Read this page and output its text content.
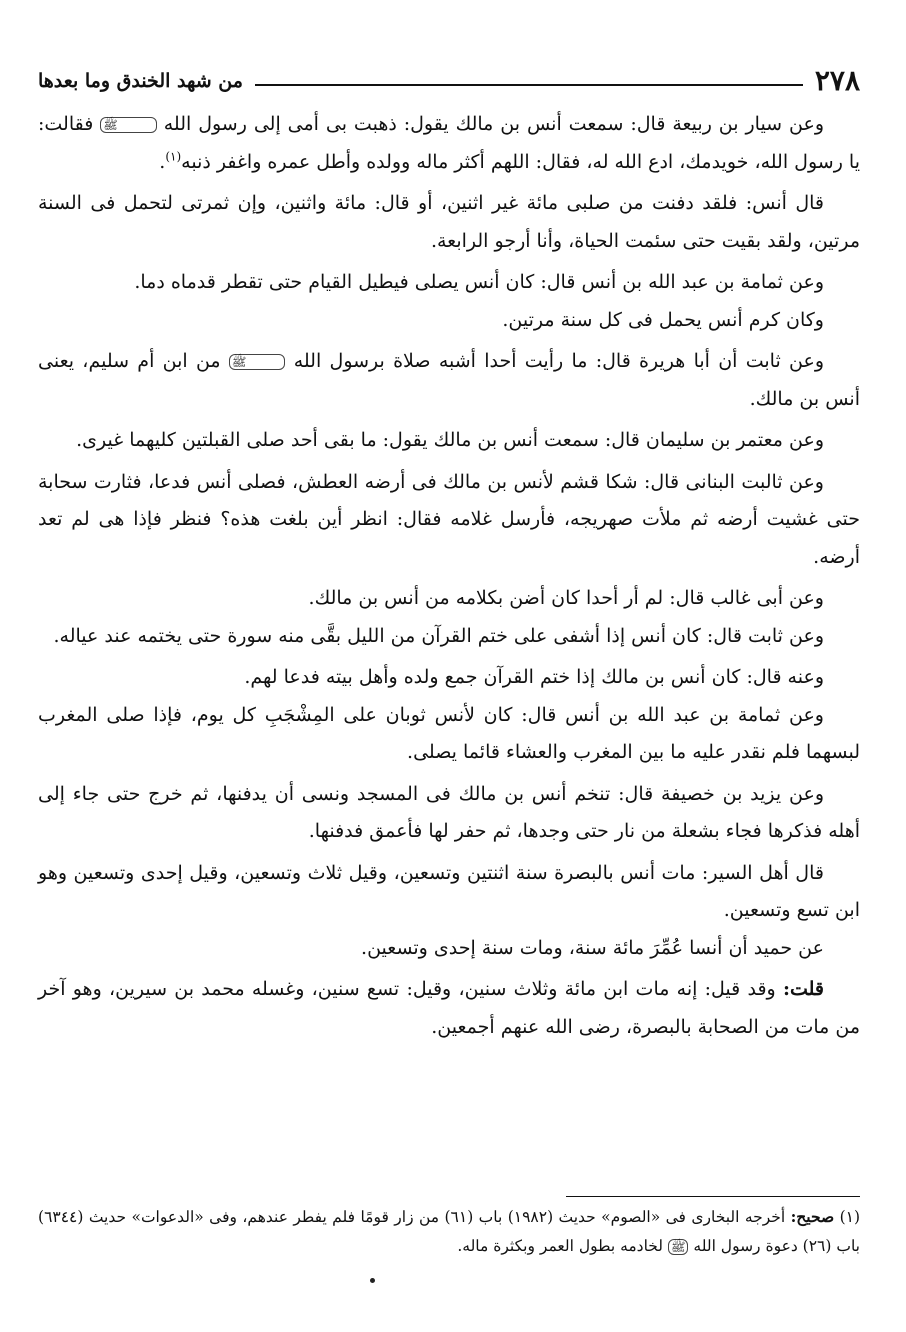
٢٧٨
من شهد الخندق وما بعدها

وعن سيار بن ربيعة قال: سمعت أنس بن مالك يقول: ذهبت بى أمى إلى رسول الله ﷺ فقالت: يا رسول الله، خويدمك، ادع الله له، فقال: اللهم أكثر ماله وولده وأطل عمره واغفر ذنبه$^{(١)}$.

قال أنس: فلقد دفنت من صلبى مائة غير اثنين، أو قال: مائة واثنين، وإن ثمرتى لتحمل فى السنة مرتين، ولقد بقيت حتى سئمت الحياة، وأنا أرجو الرابعة.

وعن ثمامة بن عبد الله بن أنس قال: كان أنس يصلى فيطيل القيام حتى تقطر قدماه دما.

وكان كرم أنس يحمل فى كل سنة مرتين.

وعن ثابت أن أبا هريرة قال: ما رأيت أحدا أشبه صلاة برسول الله ﷺ من ابن أم سليم، يعنى أنس بن مالك.

وعن معتمر بن سليمان قال: سمعت أنس بن مالك يقول: ما بقى أحد صلى القبلتين كليهما غيرى.

وعن ثالبت البنانى قال: شكا قشم لأنس بن مالك فى أرضه العطش، فصلى أنس فدعا، فثارت سحابة حتى غشيت أرضه ثم ملأت صهريجه، فأرسل غلامه فقال: انظر أين بلغت هذه؟ فنظر فإذا هى لم تعد أرضه.

وعن أبى غالب قال: لم أر أحدا كان أضن بكلامه من أنس بن مالك.

وعن ثابت قال: كان أنس إذا أشفى على ختم القرآن من الليل بقَّى منه سورة حتى يختمه عند عياله.

وعنه قال: كان أنس بن مالك إذا ختم القرآن جمع ولده وأهل بيته فدعا لهم.

وعن ثمامة بن عبد الله بن أنس قال: كان لأنس ثوبان على المِشْجَبِ كل يوم، فإذا صلى المغرب لبسهما فلم نقدر عليه ما بين المغرب والعشاء قائما يصلى.

وعن يزيد بن خصيفة قال: تنخم أنس بن مالك فى المسجد ونسى أن يدفنها، ثم خرج حتى جاء إلى أهله فذكرها فجاء بشعلة من نار حتى وجدها، ثم حفر لها فأعمق فدفنها.

قال أهل السير: مات أنس بالبصرة سنة اثنتين وتسعين، وقيل ثلاث وتسعين، وقيل إحدى وتسعين وهو ابن تسع وتسعين.

عن حميد أن أنسا عُمِّرَ مائة سنة، ومات سنة إحدى وتسعين.

قلت: وقد قيل: إنه مات ابن مائة وثلاث سنين، وقيل: تسع سنين، وغسله محمد بن سيرين، وهو آخر من مات من الصحابة بالبصرة، رضى الله عنهم أجمعين.

(١) صحيح: أخرجه البخارى فى «الصوم» حديث (١٩٨٢) باب (٦١) من زار قومًا فلم يفطر عندهم، وفى «الدعوات» حديث (٦٣٤٤) باب (٢٦) دعوة رسول الله ﷺ لخادمه بطول العمر وبكثرة ماله.
